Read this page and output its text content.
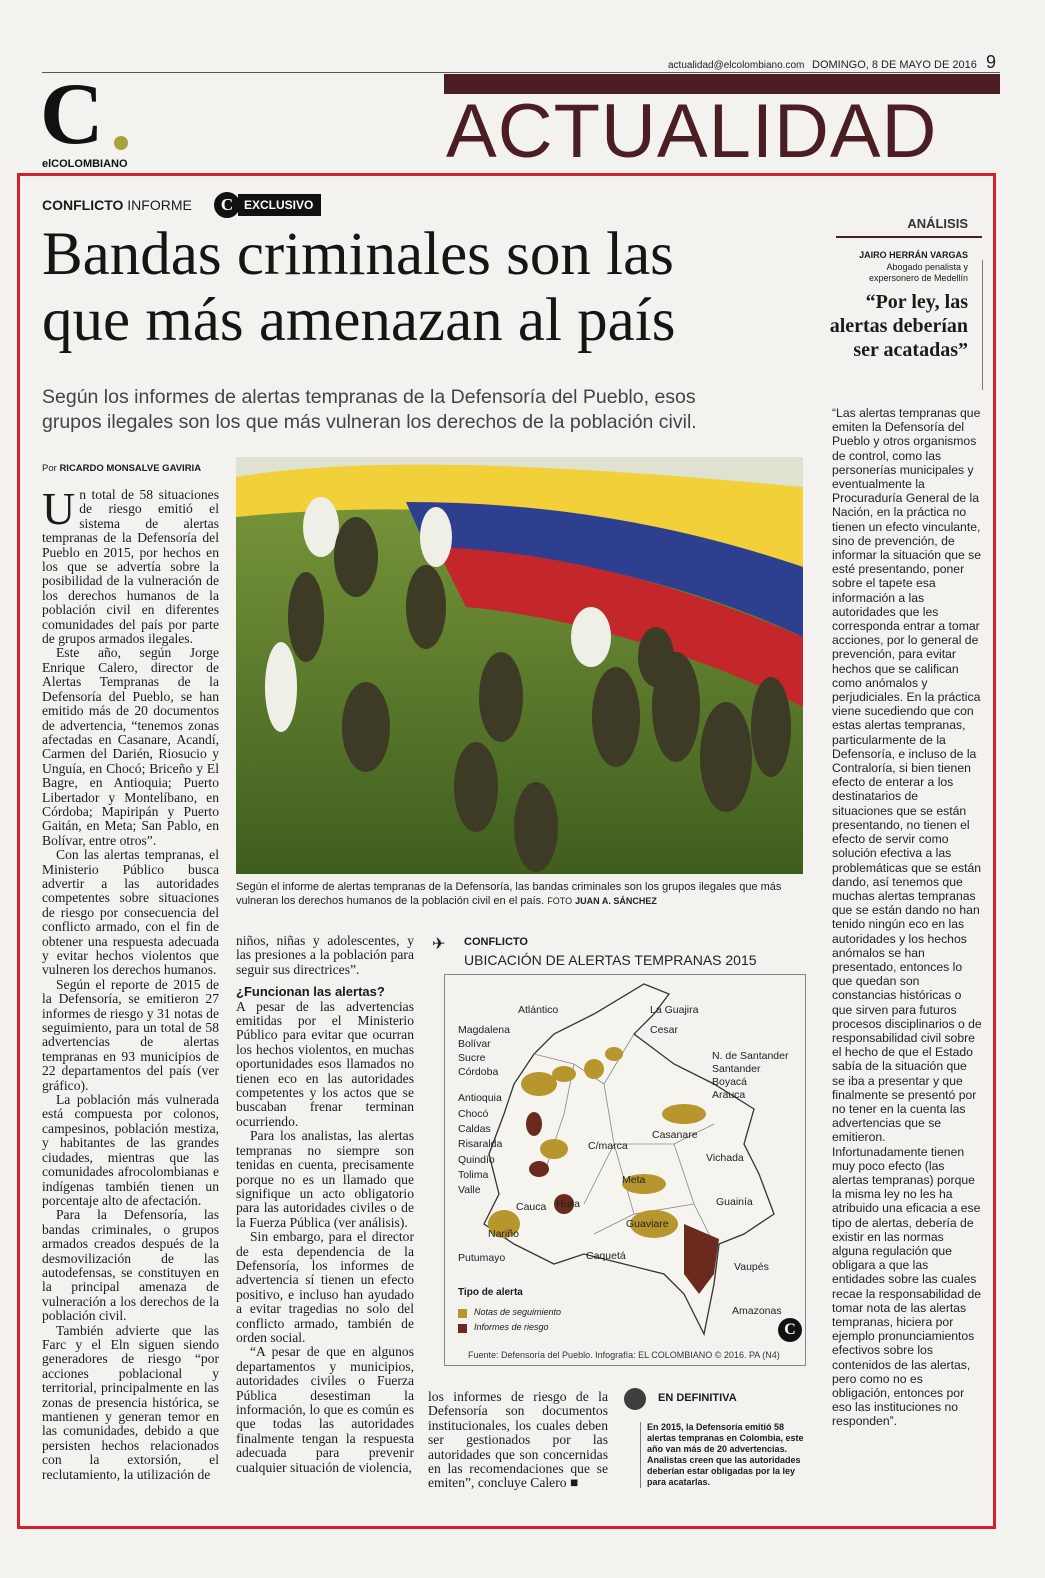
actualidad@elcolombiano.com DOMINGO, 8 DE MAYO DE 2016 9
C
elCOLOMBIANO	ACTUALIDAD
CONFLICTO INFORME	C EXCLUSIVO
Bandas criminales son las
que más amenazan al país
Según los informes de alertas tempranas de la Defensoría del Pueblo, esos
grupos ilegales son los que más vulneran los derechos de la población civil.
Por RICARDO MONSALVE GAVIRIA
U n total de 58 situaciones de riesgo emitió el sistema de alertas tempranas de la Defensoría del Pueblo en 2015, por hechos en los que se advertía sobre la posibilidad de la vulneración de los derechos humanos de la población civil en diferentes comunidades del país por parte de grupos armados ilegales.

Este año, según Jorge Enrique Calero, director de Alertas Tempranas de la Defensoría del Pueblo, se han emitido más de 20 documentos de advertencia, “tenemos zonas afectadas en Casanare, Acandí, Carmen del Darién, Riosucio y Unguía, en Chocó; Briceño y El Bagre, en Antioquia; Puerto Libertador y Montelíbano, en Córdoba; Mapiripán y Puerto Gaitán, en Meta; San Pablo, en Bolívar, entre otros”.

Con las alertas tempranas, el Ministerio Público busca advertir a las autoridades competentes sobre situaciones de riesgo por consecuencia del conflicto armado, con el fin de obtener una respuesta adecuada y evitar hechos violentos que vulneren los derechos humanos.

Según el reporte de 2015 de la Defensoría, se emitieron 27 informes de riesgo y 31 notas de seguimiento, para un total de 58 advertencias de alertas tempranas en 93 municipios de 22 departamentos del país (ver gráfico).

La población más vulnerada está compuesta por colonos, campesinos, población mestiza, y habitantes de las grandes ciudades, mientras que las comunidades afrocolombianas e indígenas también tienen un porcentaje alto de afectación.

Para la Defensoría, las bandas criminales, o grupos armados creados después de la desmovilización de las autodefensas, se constituyen en la principal amenaza de vulneración a los derechos de la población civil.

También advierte que las Farc y el Eln siguen siendo generadores de riesgo “por acciones poblacional y territorial, principalmente en las zonas de presencia histórica, se mantienen y generan temor en las comunidades, debido a que persisten hechos relacionados con la extorsión, el reclutamiento, la utilización de

Según el informe de alertas tempranas de la Defensoría, las bandas criminales son los grupos ilegales que más vulneran los derechos humanos de la población civil en el país. FOTO JUAN A. SÁNCHEZ

niños, niñas y adolescentes, y las presiones a la población para seguir sus directrices”.

¿Funcionan las alertas?

A pesar de las advertencias emitidas por el Ministerio Público para evitar que ocurran los hechos violentos, en muchas oportunidades esos llamados no tienen eco en las autoridades competentes y los actos que se buscaban frenar terminan ocurriendo.

Para los analistas, las alertas tempranas no siempre son tenidas en cuenta, precisamente porque no es un llamado que signifique un acto obligatorio para las autoridades civiles o de la Fuerza Pública (ver análisis).

Sin embargo, para el director de esta dependencia de la Defensoría, los informes de advertencia sí tienen un efecto positivo, e incluso han ayudado a evitar tragedias no solo del conflicto armado, también de orden social.

“A pesar de que en algunos departamentos y municipios, autoridades civiles o Fuerza Pública desestiman la información, lo que es común es que todas las autoridades finalmente tengan la respuesta adecuada para prevenir cualquier situación de violencia,

✈ CONFLICTO
UBICACIÓN DE ALERTAS TEMPRANAS 2015
Atlántico	La Guajira
Magdalena	Cesar
Bolívar
Sucre
Córdoba
N. de Santander
Santander
Boyacá
Arauca
Antioquia
Chocó
Caldas
Risaralda
Quindío
Tolima
Valle
C/marca
Casanare
Vichada
Meta
Cauca Huila	Guainía
Nariño
Guaviare
Putumayo	Caquetá
Vaupés
Amazonas
Tipo de alerta
Notas de seguimiento
Informes de riesgo	C
Fuente: Defensoría del Pueblo. Infografía: EL COLOMBIANO © 2016. PA (N4)

los informes de riesgo de la Defensoría son documentos institucionales, los cuales deben ser gestionados por las autoridades que son concernidas en las recomendaciones que se emiten”, concluye Calero ■

EN DEFINITIVA
En 2015, la Defensoría emitió 58 alertas tempranas en Colombia, este año van más de 20 advertencias. Analistas creen que las autoridades deberían estar obligadas por la ley para acatarlas.
ANÁLISIS
JAIRO HERRÁN VARGAS
Abogado penalista y expersonero de Medellín
“Por ley, las alertas deberían ser acatadas”
“Las alertas tempranas que emiten la Defensoría del Pueblo y otros organismos de control, como las personerías municipales y eventualmente la Procuraduría General de la Nación, en la práctica no tienen un efecto vinculante, sino de prevención, de informar la situación que se esté presentando, poner sobre el tapete esa información a las autoridades que les corresponda entrar a tomar acciones, por lo general de prevención, para evitar hechos que se califican como anómalos y perjudiciales. En la práctica viene sucediendo que con estas alertas tempranas, particularmente de la Defensoría, e incluso de la Contraloría, si bien tienen efecto de enterar a los destinatarios de situaciones que se están presentando, no tienen el efecto de servir como solución efectiva a las problemáticas que se están dando, así tenemos que muchas alertas tempranas que se están dando no han tenido ningún eco en las autoridades y los hechos anómalos se han presentado, entonces lo que quedan son constancias históricas o que sirven para futuros procesos disciplinarios o de responsabilidad civil sobre el hecho de que el Estado sabía de la situación que se iba a presentar y que finalmente se presentó por no tener en la cuenta las advertencias que se emitieron. Infortunadamente tienen muy poco efecto (las alertas tempranas) porque la misma ley no les ha atribuido una eficacia a ese tipo de alertas, debería de existir en las normas alguna regulación que obligara a que las entidades sobre las cuales recae la responsabilidad de tomar nota de las alertas tempranas, hiciera por ejemplo pronunciamientos efectivos sobre los contenidos de las alertas, pero como no es obligación, entonces por eso las instituciones no respondenˮ.
